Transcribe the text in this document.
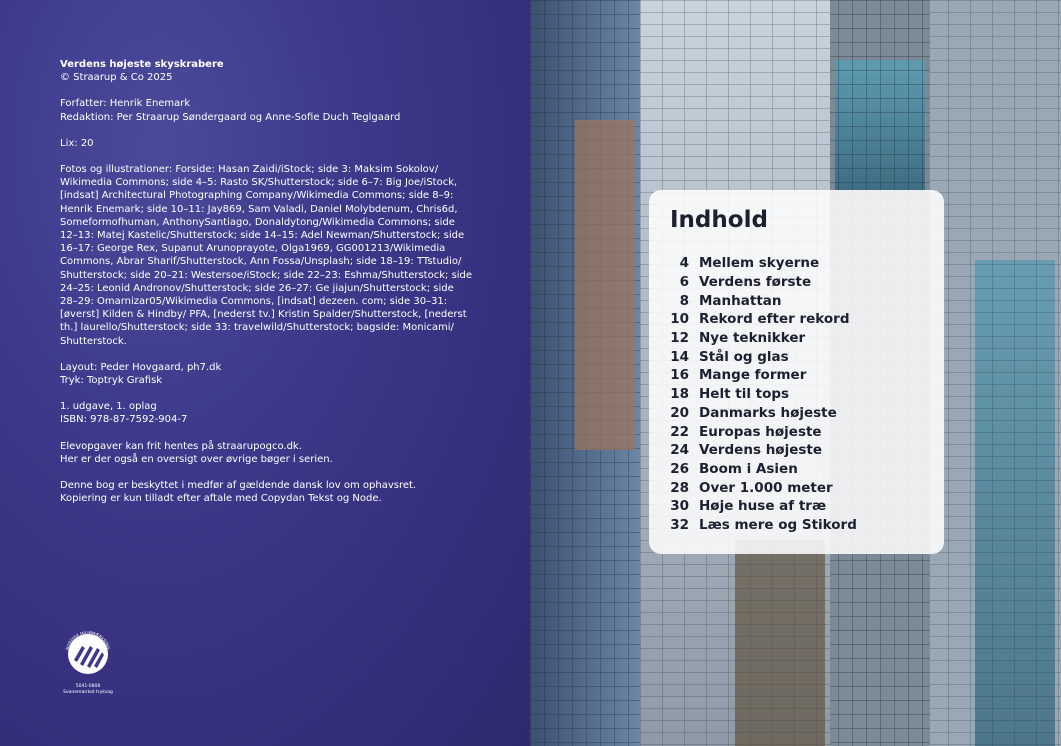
Verdens højeste skyskrabere
© Straarup & Co 2025

Forfatter: Henrik Enemark
Redaktion: Per Straarup Søndergaard og Anne-Sofie Duch Teglgaard

Lix: 20

Fotos og illustrationer: Forside: Hasan Zaidi/iStock; side 3: Maksim Sokolov/
Wikimedia Commons; side 4–5: Rasto SK/Shutterstock; side 6–7: Big Joe/iStock,
[indsat] Architectural Photographing Company/Wikimedia Commons; side 8–9:
Henrik Enemark; side 10–11: Jay869, Sam Valadi, Daniel Molybdenum, Chris6d,
Someformofhuman, AnthonySantiago, Donaldytong/Wikimedia Commons; side
12–13: Matej Kastelic/Shutterstock; side 14–15: Adel Newman/Shutterstock; side
16–17: George Rex, Supanut Arunoprayote, Olga1969, GG001213/Wikimedia
Commons, Abrar Sharif/Shutterstock, Ann Fossa/Unsplash; side 18–19: TTstudio/
Shutterstock; side 20–21: Westersoe/iStock; side 22–23: Eshma/Shutterstock; side
24–25: Leonid Andronov/Shutterstock; side 26–27: Ge jiajun/Shutterstock; side
28–29: Omarnizar05/Wikimedia Commons, [indsat] dezeen. com; side 30–31:
[øverst] Kilden & Hindby/ PFA, [nederst tv.] Kristin Spalder/Shutterstock, [nederst
th.] laurello/Shutterstock; side 33: travelwild/Shutterstock; bagside: Monicami/
Shutterstock.

Layout: Peder Hovgaard, ph7.dk
Tryk: Toptryk Grafisk

1. udgave, 1. oplag
ISBN: 978-87-7592-904-7

Elevopgaver kan frit hentes på straarupogco.dk.
Her er der også en oversigt over øvrige bøger i serien.

Denne bog er beskyttet i medfør af gældende dansk lov om ophavsret.
Kopiering er kun tilladt efter aftale med Copydan Tekst og Node.

NORDISK MILJØMÆRKNING
5041-0808
Svanemærket tryksag
Indhold
4 Mellem skyerne
6 Verdens første
8 Manhattan
10 Rekord efter rekord
12 Nye teknikker
14 Stål og glas
16 Mange former
18 Helt til tops
20 Danmarks højeste
22 Europas højeste
24 Verdens højeste
26 Boom i Asien
28 Over 1.000 meter
30 Høje huse af træ
32 Læs mere og Stikord
